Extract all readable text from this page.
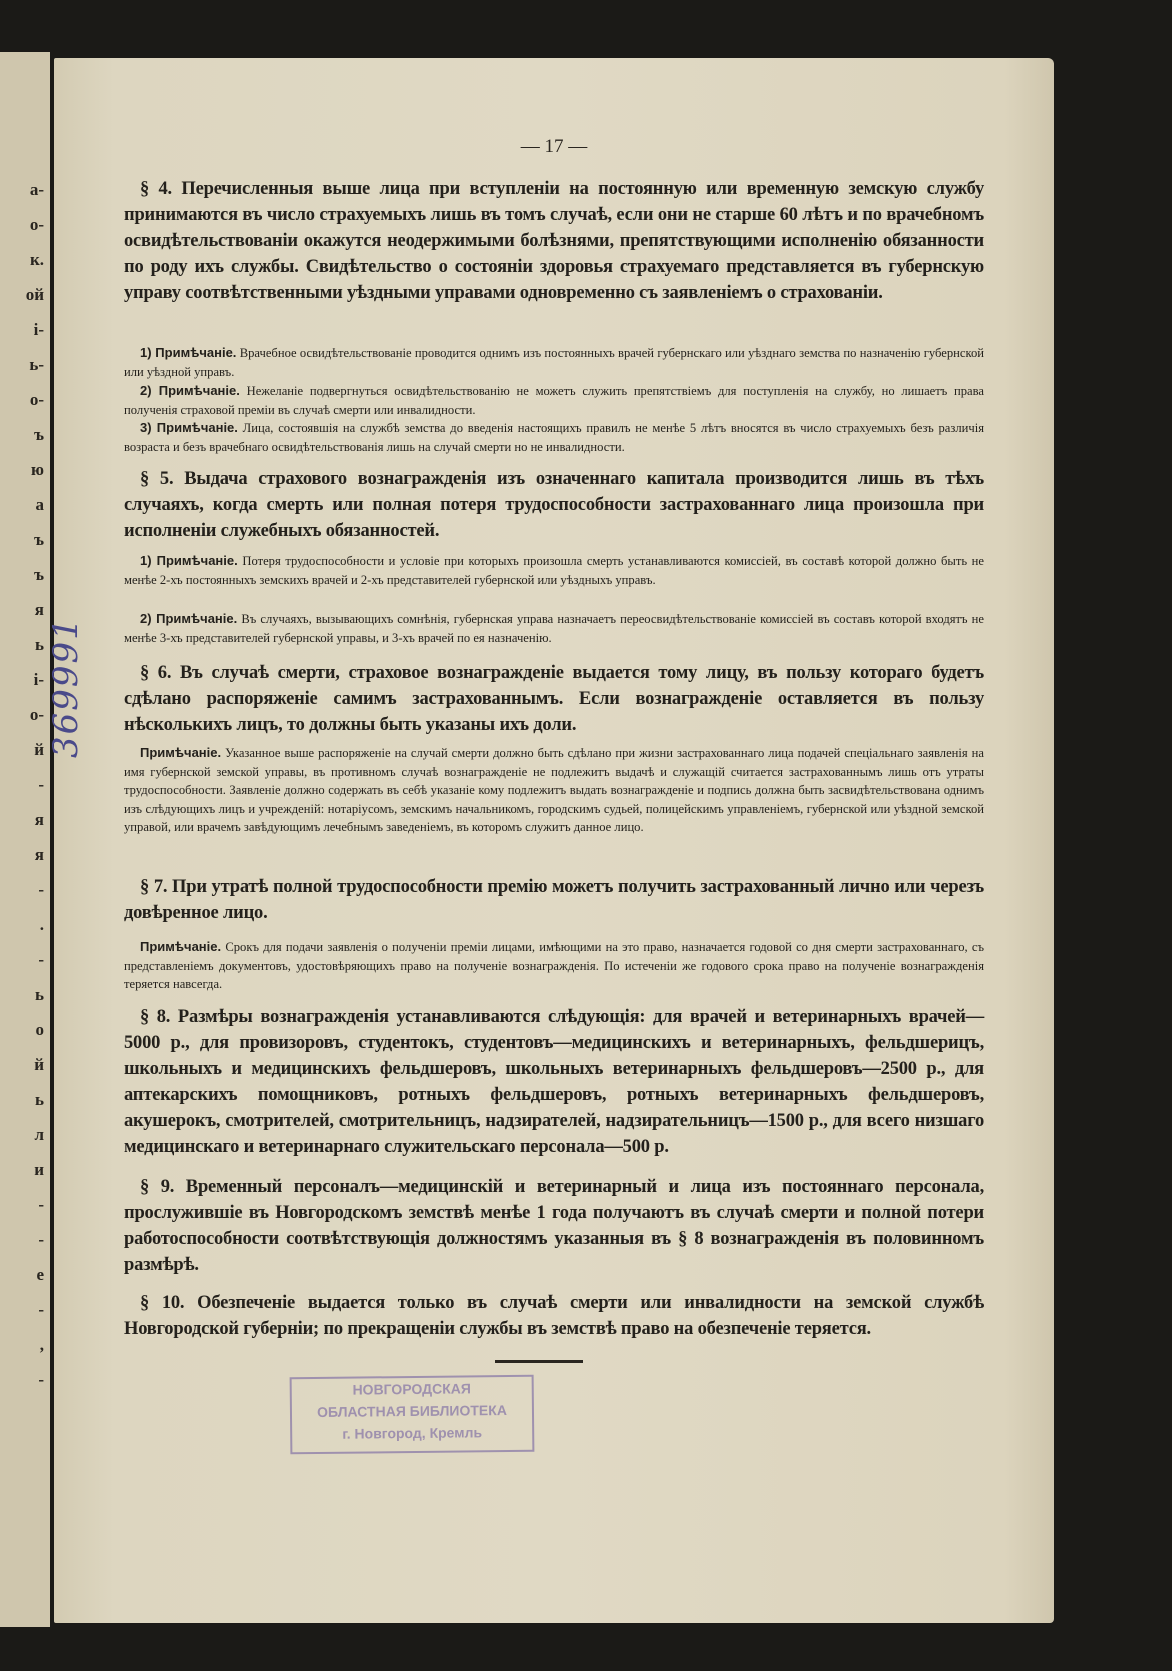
а-
о-
к.
ой
і-
ь-
о-
ъ
ю
а
ъ
ъ
я
ь
і-
о-
й
-
я
я
-
.
-
ь
о
й
ь
л
и
-
-
е
-
,
-
369991
— 17 —
§ 4. Перечисленныя выше лица при вступленіи на постоянную или временную земскую службу принимаются въ число страхуемыхъ лишь въ томъ случаѣ, если они не старше 60 лѣтъ и по врачебномъ освидѣтельствованіи окажутся неодержимыми болѣзнями, препятствующими исполненію обязанности по роду ихъ службы. Свидѣтельство о состояніи здоровья страхуемаго представляется въ губернскую управу соотвѣтственными уѣздными управами одновременно съ заявленіемъ о страхованіи.
1) Примѣчаніе. Врачебное освидѣтельствованіе проводится однимъ изъ постоянныхъ врачей губернскаго или уѣзднаго земства по назначенію губернской или уѣздной управъ.
2) Примѣчаніе. Нежеланіе подвергнуться освидѣтельствованію не можетъ служить препятствіемъ для поступленія на службу, но лишаетъ права полученія страховой преміи въ случаѣ смерти или инвалидности.
3) Примѣчаніе. Лица, состоявшія на службѣ земства до введенія настоящихъ правилъ не менѣе 5 лѣтъ вносятся въ число страхуемыхъ безъ различія возраста и безъ врачебнаго освидѣтельствованія лишь на случай смерти но не инвалидности.
§ 5. Выдача страхового вознагражденія изъ означеннаго капитала производится лишь въ тѣхъ случаяхъ, когда смерть или полная потеря трудоспособности застрахованнаго лица произошла при исполненіи служебныхъ обязанностей.
1) Примѣчаніе. Потеря трудоспособности и условіе при которыхъ произошла смерть устанавливаются комиссіей, въ составѣ которой должно быть не менѣе 2-хъ постоянныхъ земскихъ врачей и 2-хъ представителей губернской или уѣздныхъ управъ.
2) Примѣчаніе. Въ случаяхъ, вызывающихъ сомнѣнія, губернская управа назначаетъ переосвидѣтельствованіе комиссіей въ составъ которой входятъ не менѣе 3-хъ представителей губернской управы, и 3-хъ врачей по ея назначенію.
§ 6. Въ случаѣ смерти, страховое вознагражденіе выдается тому лицу, въ пользу котораго будетъ сдѣлано распоряженіе самимъ застрахованнымъ. Если вознагражденіе оставляется въ пользу нѣсколькихъ лицъ, то должны быть указаны ихъ доли.
Примѣчаніе. Указанное выше распоряженіе на случай смерти должно быть сдѣлано при жизни застрахованнаго лица подачей спеціальнаго заявленія на имя губернской земской управы, въ противномъ случаѣ вознагражденіе не подлежитъ выдачѣ и служащій считается застрахованнымъ лишь отъ утраты трудоспособности. Заявленіе должно содержать въ себѣ указаніе кому подлежитъ выдать вознагражденіе и подпись должна быть засвидѣтельствована однимъ изъ слѣдующихъ лицъ и учрежденій: нотаріусомъ, земскимъ начальникомъ, городскимъ судьей, полицейскимъ управленіемъ, губернской или уѣздной земской управой, или врачемъ завѣдующимъ лечебнымъ заведеніемъ, въ которомъ служитъ данное лицо.
§ 7. При утратѣ полной трудоспособности премію можетъ получить застрахованный лично или черезъ довѣренное лицо.
Примѣчаніе. Срокъ для подачи заявленія о полученіи преміи лицами, имѣющими на это право, назначается годовой со дня смерти застрахованнаго, съ представленіемъ документовъ, удостовѣряющихъ право на полученіе вознагражденія. По истеченіи же годового срока право на полученіе вознагражденія теряется навсегда.
§ 8. Размѣры вознагражденія устанавливаются слѣдующія: для врачей и ветеринарныхъ врачей—5000 р., для провизоровъ, студентокъ, студентовъ—медицинскихъ и ветеринарныхъ, фельдшерицъ, школьныхъ и медицинскихъ фельдшеровъ, школьныхъ ветеринарныхъ фельдшеровъ—2500 р., для аптекарскихъ помощниковъ, ротныхъ фельдшеровъ, ротныхъ ветеринарныхъ фельдшеровъ, акушерокъ, смотрителей, смотрительницъ, надзирателей, надзирательницъ—1500 р., для всего низшаго медицинскаго и ветеринарнаго служительскаго персонала—500 р.
§ 9. Временный персоналъ—медицинскій и ветеринарный и лица изъ постояннаго персонала, прослужившіе въ Новгородскомъ земствѣ менѣе 1 года получаютъ въ случаѣ смерти и полной потери работоспособности соотвѣтствующія должностямъ указанныя въ § 8 вознагражденія въ половинномъ размѣрѣ.
§ 10. Обезпеченіе выдается только въ случаѣ смерти или инвалидности на земской службѣ Новгородской губерніи; по прекращеніи службы въ земствѣ право на обезпеченіе теряется.
НОВГОРОДСКАЯ
ОБЛАСТНАЯ БИБЛИОТЕКА
г. Новгород, Кремль
